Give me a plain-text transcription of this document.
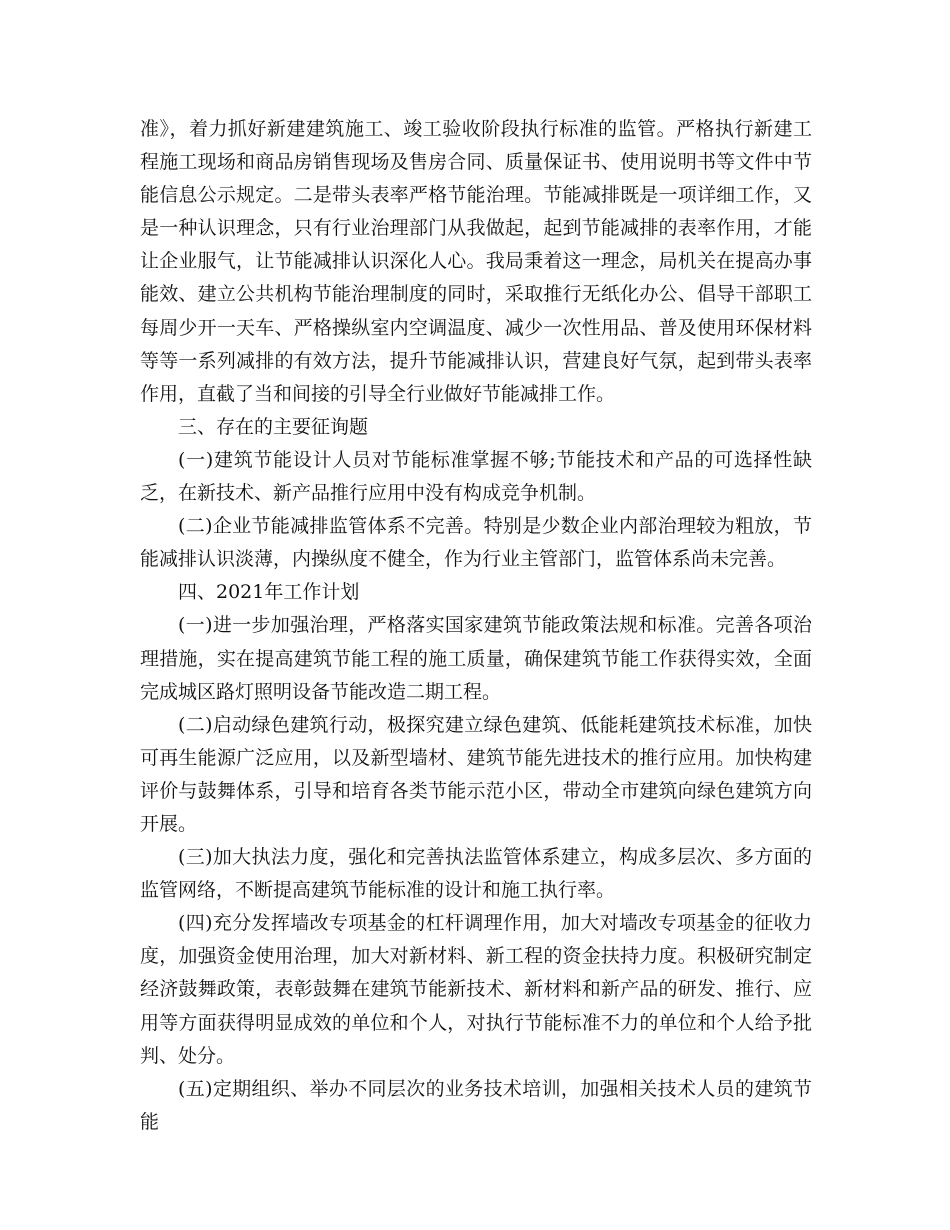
准》，着力抓好新建建筑施工、竣工验收阶段执行标准的监管。严格执行新建工程施工现场和商品房销售现场及售房合同、质量保证书、使用说明书等文件中节能信息公示规定。二是带头表率严格节能治理。节能减排既是一项详细工作，又是一种认识理念，只有行业治理部门从我做起，起到节能减排的表率作用，才能让企业服气，让节能减排认识深化人心。我局秉着这一理念，局机关在提高办事能效、建立公共机构节能治理制度的同时，采取推行无纸化办公、倡导干部职工每周少开一天车、严格操纵室内空调温度、减少一次性用品、普及使用环保材料等等一系列减排的有效方法，提升节能减排认识，营建良好气氛，起到带头表率作用，直截了当和间接的引导全行业做好节能减排工作。

三、存在的主要征询题

(一)建筑节能设计人员对节能标准掌握不够;节能技术和产品的可选择性缺乏，在新技术、新产品推行应用中没有构成竞争机制。

(二)企业节能减排监管体系不完善。特别是少数企业内部治理较为粗放，节能减排认识淡薄，内操纵度不健全，作为行业主管部门，监管体系尚未完善。

四、2021年工作计划

(一)进一步加强治理，严格落实国家建筑节能政策法规和标准。完善各项治理措施，实在提高建筑节能工程的施工质量，确保建筑节能工作获得实效，全面完成城区路灯照明设备节能改造二期工程。

(二)启动绿色建筑行动，极探究建立绿色建筑、低能耗建筑技术标准，加快可再生能源广泛应用，以及新型墙材、建筑节能先进技术的推行应用。加快构建评价与鼓舞体系，引导和培育各类节能示范小区，带动全市建筑向绿色建筑方向开展。

(三)加大执法力度，强化和完善执法监管体系建立，构成多层次、多方面的监管网络，不断提高建筑节能标准的设计和施工执行率。

(四)充分发挥墙改专项基金的杠杆调理作用，加大对墙改专项基金的征收力度，加强资金使用治理，加大对新材料、新工程的资金扶持力度。积极研究制定经济鼓舞政策，表彰鼓舞在建筑节能新技术、新材料和新产品的研发、推行、应用等方面获得明显成效的单位和个人，对执行节能标准不力的单位和个人给予批判、处分。

(五)定期组织、举办不同层次的业务技术培训，加强相关技术人员的建筑节能
